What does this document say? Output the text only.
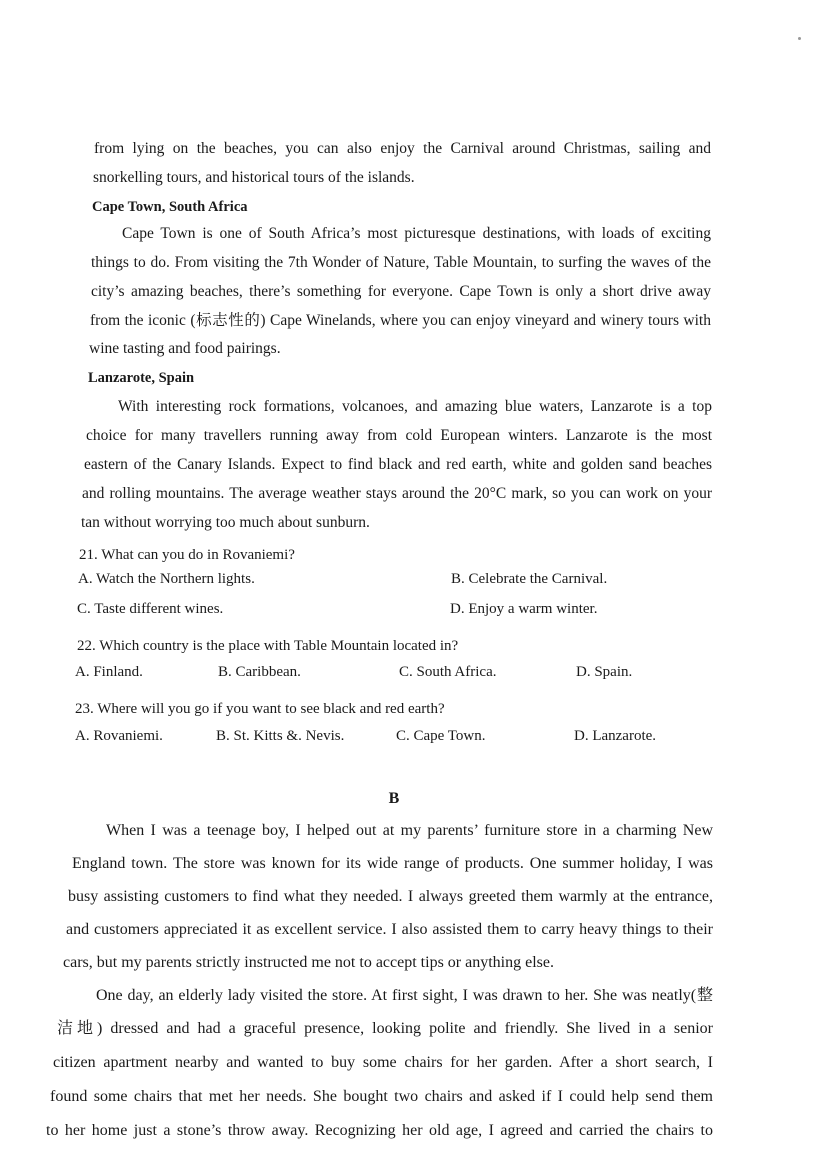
from lying on the beaches, you can also enjoy the Carnival around Christmas, sailing and
snorkelling tours, and historical tours of the islands.
Cape Town, South Africa
Cape Town is one of South Africa’s most picturesque destinations, with loads of exciting
things to do. From visiting the 7th Wonder of Nature, Table Mountain, to surfing the waves of the
city’s amazing beaches, there’s something for everyone. Cape Town is only a short drive away
from the iconic (标志性的) Cape Winelands, where you can enjoy vineyard and winery tours with
wine tasting and food pairings.
Lanzarote, Spain
With interesting rock formations, volcanoes, and amazing blue waters, Lanzarote is a top
choice for many travellers running away from cold European winters. Lanzarote is the most
eastern of the Canary Islands. Expect to find black and red earth, white and golden sand beaches
and rolling mountains. The average weather stays around the 20°C mark, so you can work on your
tan without worrying too much about sunburn.
21. What can you do in Rovaniemi?
A. Watch the Northern lights.	B. Celebrate the Carnival.
C. Taste different wines.	D. Enjoy a warm winter.
22. Which country is the place with Table Mountain located in?
A. Finland.	B. Caribbean.	C. South Africa.	D. Spain.
23. Where will you go if you want to see black and red earth?
A. Rovaniemi.	B. St. Kitts &. Nevis.	C. Cape Town.	D. Lanzarote.
B
When I was a teenage boy, I helped out at my parents’ furniture store in a charming New
England town. The store was known for its wide range of products. One summer holiday, I was
busy assisting customers to find what they needed. I always greeted them warmly at the entrance,
and customers appreciated it as excellent service. I also assisted them to carry heavy things to their
cars, but my parents strictly instructed me not to accept tips or anything else.
One day, an elderly lady visited the store. At first sight, I was drawn to her. She was neatly(整
洁地) dressed and had a graceful presence, looking polite and friendly. She lived in a senior
citizen apartment nearby and wanted to buy some chairs for her garden. After a short search, I
found some chairs that met her needs. She bought two chairs and asked if I could help send them
to her home just a stone’s throw away. Recognizing her old age, I agreed and carried the chairs to
